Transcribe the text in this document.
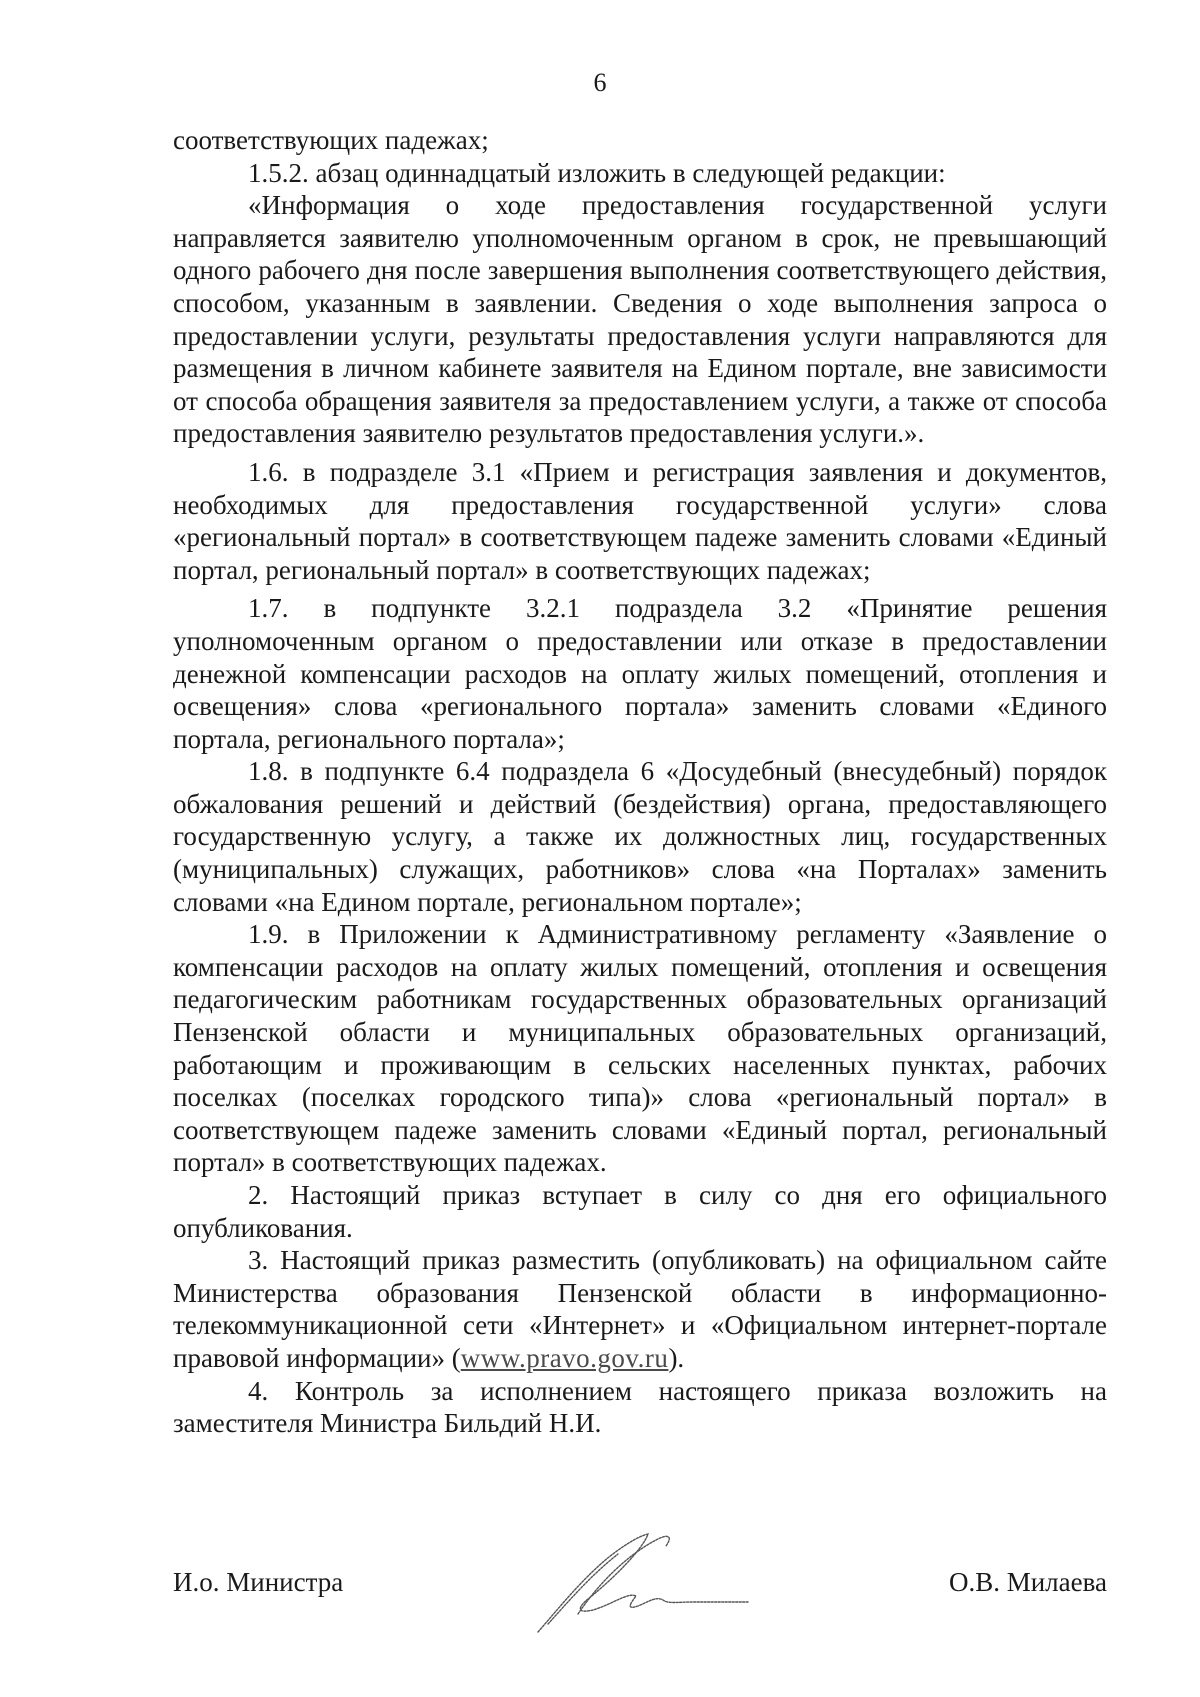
6

соответствующих падежах;

1.5.2. абзац одиннадцатый изложить в следующей редакции:

«Информация о ходе предоставления государственной услуги направляется заявителю уполномоченным органом в срок, не превышающий одного рабочего дня после завершения выполнения соответствующего действия, способом, указанным в заявлении. Сведения о ходе выполнения запроса о предоставлении услуги, результаты предоставления услуги направляются для размещения в личном кабинете заявителя на Едином портале, вне зависимости от способа обращения заявителя за предоставлением услуги, а также от способа предоставления заявителю результатов предоставления услуги.».

1.6. в подразделе 3.1 «Прием и регистрация заявления и документов, необходимых для предоставления государственной услуги» слова «региональный портал» в соответствующем падеже заменить словами «Единый портал, региональный портал» в соответствующих падежах;

1.7. в подпункте 3.2.1 подраздела 3.2 «Принятие решения уполномоченным органом о предоставлении или отказе в предоставлении денежной компенсации расходов на оплату жилых помещений, отопления и освещения» слова «регионального портала» заменить словами «Единого портала, регионального портала»;

1.8. в подпункте 6.4 подраздела 6 «Досудебный (внесудебный) порядок обжалования решений и действий (бездействия) органа, предоставляющего государственную услугу, а также их должностных лиц, государственных (муниципальных) служащих, работников» слова «на Порталах» заменить словами «на Едином портале, региональном портале»;

1.9. в Приложении к Административному регламенту «Заявление о компенсации расходов на оплату жилых помещений, отопления и освещения педагогическим работникам государственных образовательных организаций Пензенской области и муниципальных образовательных организаций, работающим и проживающим в сельских населенных пунктах, рабочих поселках (поселках городского типа)» слова «региональный портал» в соответствующем падеже заменить словами «Единый портал, региональный портал» в соответствующих падежах.

2. Настоящий приказ вступает в силу со дня его официального опубликования.

3. Настоящий приказ разместить (опубликовать) на официальном сайте Министерства образования Пензенской области в информационно-телекоммуникационной сети «Интернет» и «Официальном интернет-портале правовой информации» (www.pravo.gov.ru).

4. Контроль за исполнением настоящего приказа возложить на заместителя Министра Бильдий Н.И.

И.о. Министра	О.В. Милаева
